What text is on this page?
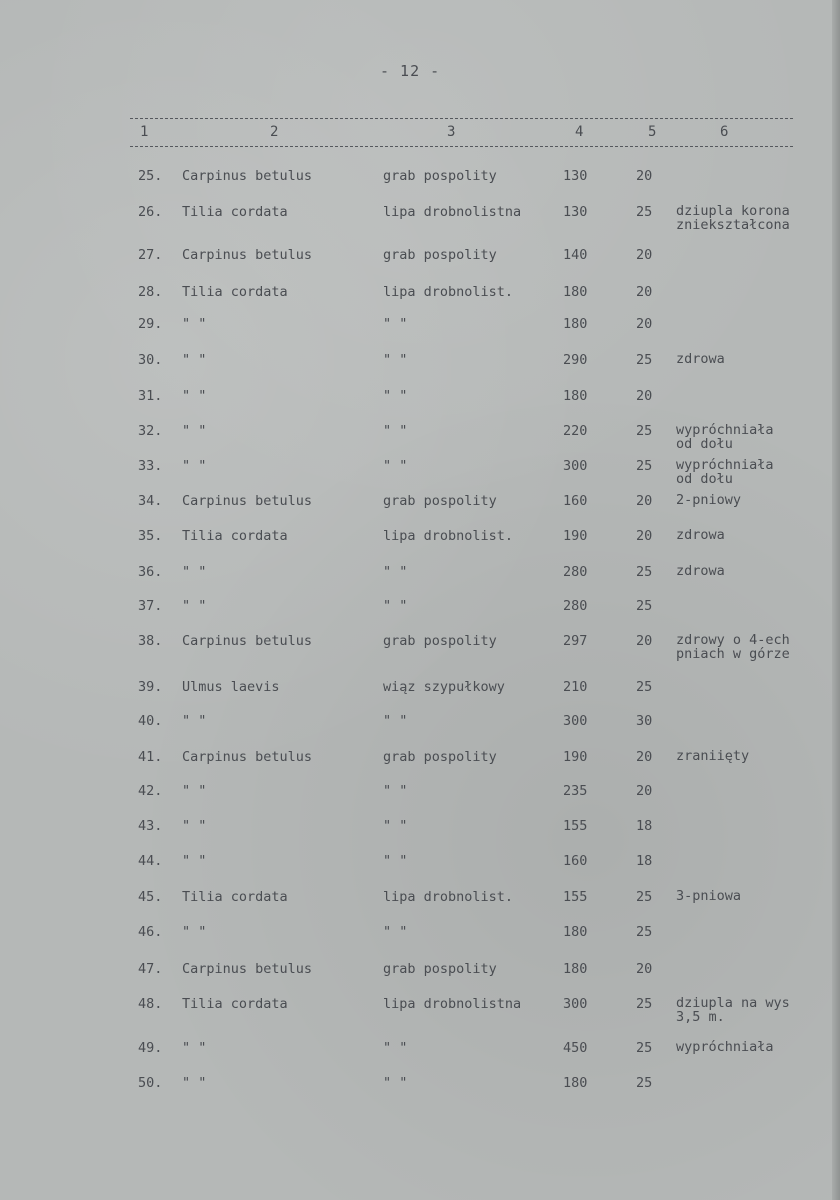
- 12 -
1	2	3	4	5	6
25.	Carpinus betulus	grab pospolity	130	20
26.	Tilia cordata	lipa drobnolistna	130	25 dziupla korona
zniekształcona
27.	Carpinus betulus	grab pospolity	140	20
28.	Tilia cordata	lipa drobnolist.	180	20
29.	" "	" "	180	20
30.	" "	" "	290	25 zdrowa
31.	" "	" "	180	20
32.	" "	" "	220	25 wypróchniała
od dołu
33.	" "	" "	300	25 wypróchniała
od dołu
34.	Carpinus betulus	grab pospolity	160	20 2-pniowy
35.	Tilia cordata	lipa drobnolist.	190	20 zdrowa
36.	" "	" "	280	25 zdrowa
37.	" "	" "	280	25
38.	Carpinus betulus	grab pospolity	297	20 zdrowy o 4-ech
pniach w górze
39.	Ulmus laevis	wiąz szypułkowy	210	25
40.	" "	" "	300	30
41.	Carpinus betulus	grab pospolity	190	20 zraniięty
42.	" "	" "	235	20
43.	" "	" "	155	18
44.	" "	" "	160	18
45.	Tilia cordata	lipa drobnolist.	155	25 3-pniowa
46.	" "	" "	180	25
47.	Carpinus betulus	grab pospolity	180	20
48.	Tilia cordata	lipa drobnolistna	300	25 dziupla na wys
3,5 m.
49.	" "	" "	450	25 wypróchniała
50.	" "	" "	180	25
